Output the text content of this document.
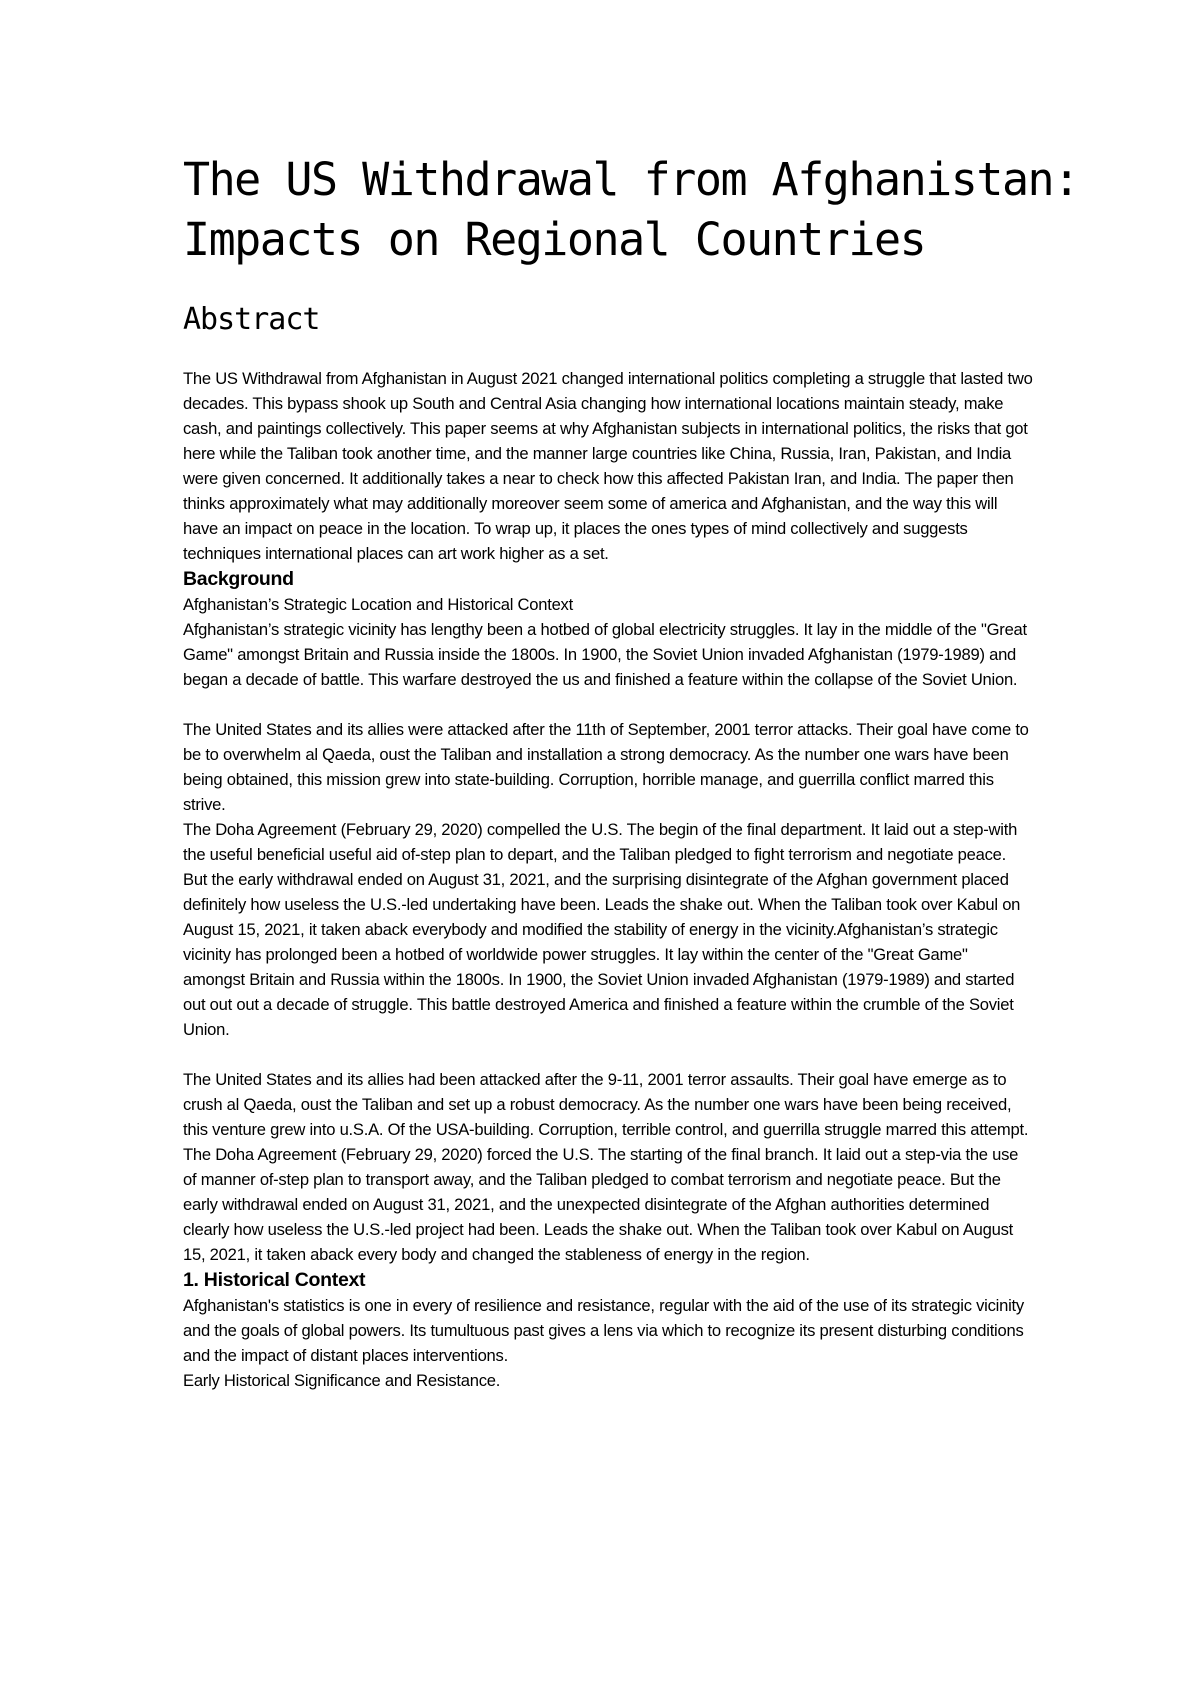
The US Withdrawal from Afghanistan:
Impacts on Regional Countries
Abstract

The US Withdrawal from Afghanistan in August 2021 changed international politics completing a struggle that lasted two decades. This bypass shook up South and Central Asia changing how international locations maintain steady, make cash, and paintings collectively. This paper seems at why Afghanistan subjects in international politics, the risks that got here while the Taliban took another time, and the manner large countries like China, Russia, Iran, Pakistan, and India were given concerned. It additionally takes a near to check how this affected Pakistan Iran, and India. The paper then thinks approximately what may additionally moreover seem some of america and Afghanistan, and the way this will have an impact on peace in the location. To wrap up, it places the ones types of mind collectively and suggests techniques international places can art work higher as a set.

Background

Afghanistan’s Strategic Location and Historical Context

Afghanistan’s strategic vicinity has lengthy been a hotbed of global electricity struggles. It lay in the middle of the "Great Game" amongst Britain and Russia inside the 1800s. In 1900, the Soviet Union invaded Afghanistan (1979-1989) and began a decade of battle. This warfare destroyed the us and finished a feature within the collapse of the Soviet Union.

The United States and its allies were attacked after the 11th of September, 2001 terror attacks. Their goal have come to be to overwhelm al Qaeda, oust the Taliban and installation a strong democracy. As the number one wars have been being obtained, this mission grew into state-building. Corruption, horrible manage, and guerrilla conflict marred this strive.

The Doha Agreement (February 29, 2020) compelled the U.S. The begin of the final department. It laid out a step-with the useful beneficial useful aid of-step plan to depart, and the Taliban pledged to fight terrorism and negotiate peace. But the early withdrawal ended on August 31, 2021, and the surprising disintegrate of the Afghan government placed definitely how useless the U.S.-led undertaking have been. Leads the shake out. When the Taliban took over Kabul on August 15, 2021, it taken aback everybody and modified the stability of energy in the vicinity.Afghanistan’s strategic vicinity has prolonged been a hotbed of worldwide power struggles. It lay within the center of the "Great Game" amongst Britain and Russia within the 1800s. In 1900, the Soviet Union invaded Afghanistan (1979-1989) and started out out out a decade of struggle. This battle destroyed America and finished a feature within the crumble of the Soviet Union.

The United States and its allies had been attacked after the 9-11, 2001 terror assaults. Their goal have emerge as to crush al Qaeda, oust the Taliban and set up a robust democracy. As the number one wars have been being received, this venture grew into u.S.A. Of the USA-building. Corruption, terrible control, and guerrilla struggle marred this attempt.

The Doha Agreement (February 29, 2020) forced the U.S. The starting of the final branch. It laid out a step-via the use of manner of-step plan to transport away, and the Taliban pledged to combat terrorism and negotiate peace. But the early withdrawal ended on August 31, 2021, and the unexpected disintegrate of the Afghan authorities determined clearly how useless the U.S.-led project had been. Leads the shake out. When the Taliban took over Kabul on August 15, 2021, it taken aback every body and changed the stableness of energy in the region.

1. Historical Context

Afghanistan's statistics is one in every of resilience and resistance, regular with the aid of the use of its strategic vicinity and the goals of global powers. Its tumultuous past gives a lens via which to recognize its present disturbing conditions and the impact of distant places interventions.

Early Historical Significance and Resistance.
